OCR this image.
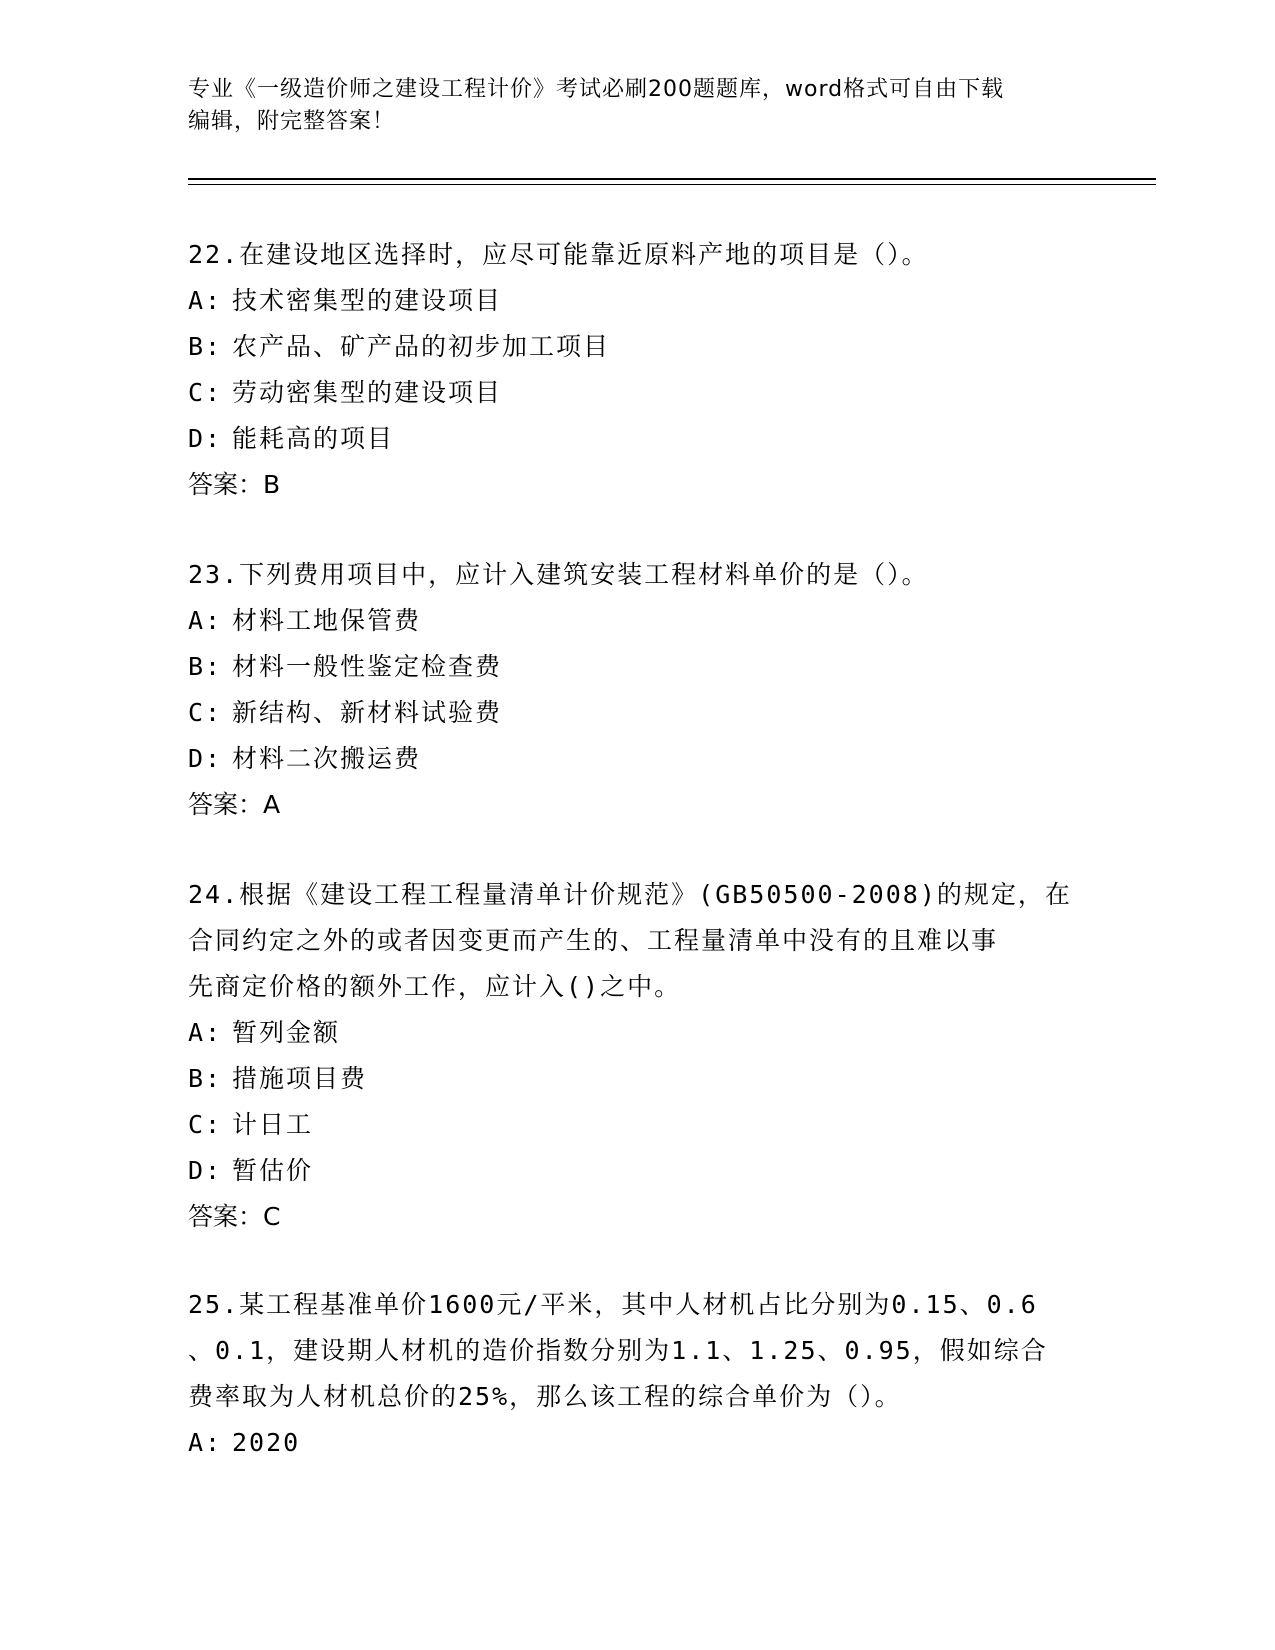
专业《一级造价师之建设工程计价》考试必刷200题题库，word格式可自由下载
编辑，附完整答案！

22.在建设地区选择时，应尽可能靠近原料产地的项目是（）。

A: 技术密集型的建设项目

B: 农产品、矿产品的初步加工项目

C: 劳动密集型的建设项目

D: 能耗高的项目

答案：B

23.下列费用项目中，应计入建筑安装工程材料单价的是（）。

A: 材料工地保管费

B: 材料一般性鉴定检查费

C: 新结构、新材料试验费

D: 材料二次搬运费

答案：A

24.根据《建设工程工程量清单计价规范》(GB50500-2008)的规定，在

合同约定之外的或者因变更而产生的、工程量清单中没有的且难以事

先商定价格的额外工作，应计入()之中。

A: 暂列金额

B: 措施项目费

C: 计日工

D: 暂估价

答案：C

25.某工程基准单价1600元/平米，其中人材机占比分别为0.15、0.6

、0.1，建设期人材机的造价指数分别为1.1、1.25、0.95，假如综合

费率取为人材机总价的25%，那么该工程的综合单价为（）。

A: 2020
